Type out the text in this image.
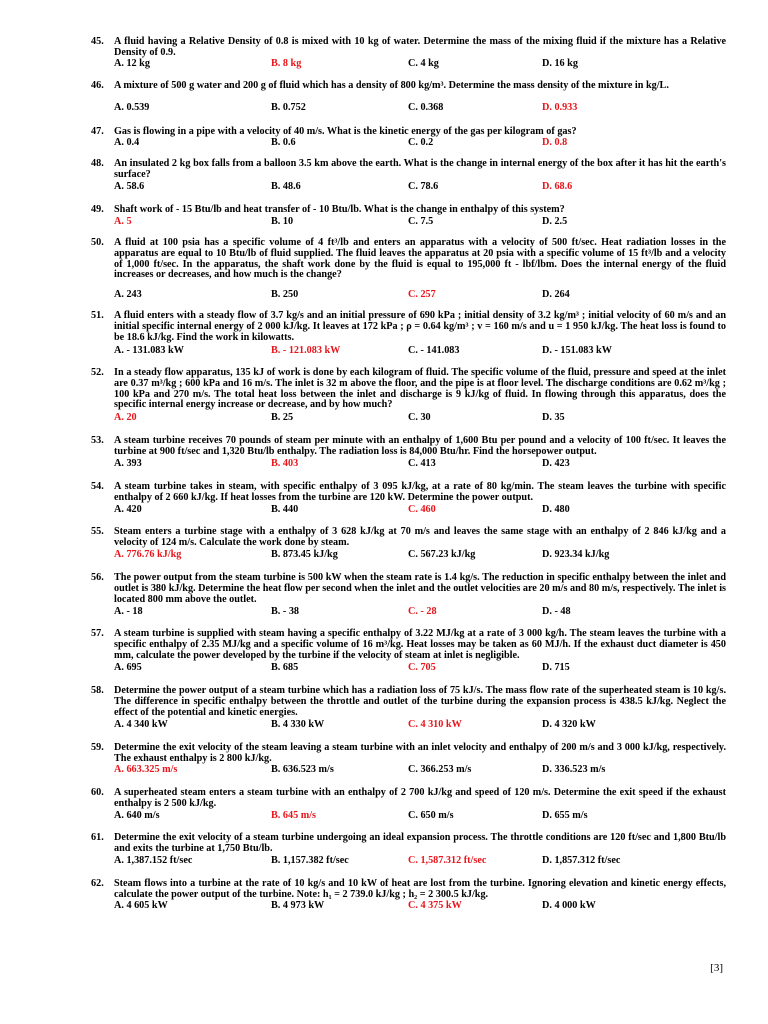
45. A fluid having a Relative Density of 0.8 is mixed with 10 kg of water. Determine the mass of the mixing fluid if the mixture has a Relative Density of 0.9.
A. 12 kg	B. 8 kg	C. 4 kg	D. 16 kg
46. A mixture of 500 g water and 200 g of fluid which has a density of 800 kg/m³. Determine the mass density of the mixture in kg/L.
A. 0.539	B. 0.752	C. 0.368	D. 0.933
47. Gas is flowing in a pipe with a velocity of 40 m/s. What is the kinetic energy of the gas per kilogram of gas?
A. 0.4	B. 0.6	C. 0.2	D. 0.8
48. An insulated 2 kg box falls from a balloon 3.5 km above the earth. What is the change in internal energy of the box after it has hit the earth's surface?
A. 58.6	B. 48.6	C. 78.6	D. 68.6
49. Shaft work of - 15 Btu/lb and heat transfer of - 10 Btu/lb. What is the change in enthalpy of this system?
A. 5	B. 10	C. 7.5	D. 2.5
50. A fluid at 100 psia has a specific volume of 4 ft³/lb and enters an apparatus with a velocity of 500 ft/sec. Heat radiation losses in the apparatus are equal to 10 Btu/lb of fluid supplied. The fluid leaves the apparatus at 20 psia with a specific volume of 15 ft³/lb and a velocity of 1,000 ft/sec. In the apparatus, the shaft work done by the fluid is equal to 195,000 ft - lbf/lbm. Does the internal energy of the fluid increases or decreases, and how much is the change?
A. 243	B. 250	C. 257	D. 264
51. A fluid enters with a steady flow of 3.7 kg/s and an initial pressure of 690 kPa ; initial density of 3.2 kg/m³ ; initial velocity of 60 m/s and an initial specific internal energy of 2 000 kJ/kg. It leaves at 172 kPa ; ρ = 0.64 kg/m³ ; v = 160 m/s and u = 1 950 kJ/kg. The heat loss is found to be 18.6 kJ/kg. Find the work in kilowatts.
A. - 131.083 kW	B. - 121.083 kW	C. - 141.083	D. - 151.083 kW
52. In a steady flow apparatus, 135 kJ of work is done by each kilogram of fluid. The specific volume of the fluid, pressure and speed at the inlet are 0.37 m³/kg ; 600 kPa and 16 m/s. The inlet is 32 m above the floor, and the pipe is at floor level. The discharge conditions are 0.62 m³/kg ; 100 kPa and 270 m/s. The total heat loss between the inlet and discharge is 9 kJ/kg of fluid. In flowing through this apparatus, does the specific internal energy increase or decrease, and by how much?
A. 20	B. 25	C. 30	D. 35
53. A steam turbine receives 70 pounds of steam per minute with an enthalpy of 1,600 Btu per pound and a velocity of 100 ft/sec. It leaves the turbine at 900 ft/sec and 1,320 Btu/lb enthalpy. The radiation loss is 84,000 Btu/hr. Find the horsepower output.
A. 393	B. 403	C. 413	D. 423
54. A steam turbine takes in steam, with specific enthalpy of 3 095 kJ/kg, at a rate of 80 kg/min. The steam leaves the turbine with specific enthalpy of 2 660 kJ/kg. If heat losses from the turbine are 120 kW. Determine the power output.
A. 420	B. 440	C. 460	D. 480
55. Steam enters a turbine stage with a enthalpy of 3 628 kJ/kg at 70 m/s and leaves the same stage with an enthalpy of 2 846 kJ/kg and a velocity of 124 m/s. Calculate the work done by steam.
A. 776.76 kJ/kg	B. 873.45 kJ/kg	C. 567.23 kJ/kg	D. 923.34 kJ/kg
56. The power output from the steam turbine is 500 kW when the steam rate is 1.4 kg/s. The reduction in specific enthalpy between the inlet and outlet is 380 kJ/kg. Determine the heat flow per second when the inlet and the outlet velocities are 20 m/s and 80 m/s, respectively. The inlet is located 800 mm above the outlet.
A. - 18	B. - 38	C. - 28	D. - 48
57. A steam turbine is supplied with steam having a specific enthalpy of 3.22 MJ/kg at a rate of 3 000 kg/h. The steam leaves the turbine with a specific enthalpy of 2.35 MJ/kg and a specific volume of 16 m³/kg. Heat losses may be taken as 60 MJ/h. If the exhaust duct diameter is 450 mm, calculate the power developed by the turbine if the velocity of steam at inlet is negligible.
A. 695	B. 685	C. 705	D. 715
58. Determine the power output of a steam turbine which has a radiation loss of 75 kJ/s. The mass flow rate of the superheated steam is 10 kg/s. The difference in specific enthalpy between the throttle and outlet of the turbine during the expansion process is 438.5 kJ/kg. Neglect the effect of the potential and kinetic energies.
A. 4 340 kW	B. 4 330 kW	C. 4 310 kW	D. 4 320 kW
59. Determine the exit velocity of the steam leaving a steam turbine with an inlet velocity and enthalpy of 200 m/s and 3 000 kJ/kg, respectively. The exhaust enthalpy is 2 800 kJ/kg.
A. 663.325 m/s	B. 636.523 m/s	C. 366.253 m/s	D. 336.523 m/s
60. A superheated steam enters a steam turbine with an enthalpy of 2 700 kJ/kg and speed of 120 m/s. Determine the exit speed if the exhaust enthalpy is 2 500 kJ/kg.
A. 640 m/s	B. 645 m/s	C. 650 m/s	D. 655 m/s
61. Determine the exit velocity of a steam turbine undergoing an ideal expansion process. The throttle conditions are 120 ft/sec and 1,800 Btu/lb and exits the turbine at 1,750 Btu/lb.
A. 1,387.152 ft/sec	B. 1,157.382 ft/sec	C. 1,587.312 ft/sec	D. 1,857.312 ft/sec
62. Steam flows into a turbine at the rate of 10 kg/s and 10 kW of heat are lost from the turbine. Ignoring elevation and kinetic energy effects, calculate the power output of the turbine. Note: h₁ = 2 739.0 kJ/kg ; h₂ = 2 300.5 kJ/kg.
A. 4 605 kW	B. 4 973 kW	C. 4 375 kW	D. 4 000 kW
[3]
